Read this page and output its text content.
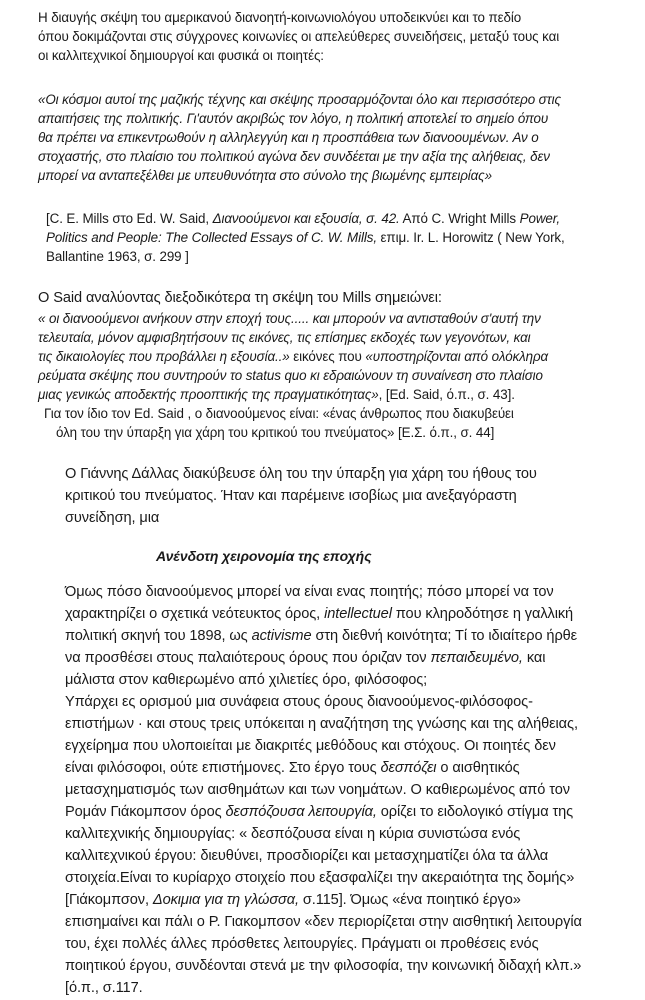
Η διαυγής σκέψη του αμερικανού διανοητή-κοινωνιολόγου υποδεικνύει και το πεδίο
όπου δοκιμάζονται στις σύγχρονες κοινωνίες οι απελεύθερες συνειδήσεις, μεταξύ τους και
οι καλλιτεχνικοί δημιουργοί και φυσικά οι ποιητές:
«Οι κόσμοι αυτοί της μαζικής τέχνης και σκέψης προσαρμόζονται όλο και περισσότερο στις
απαιτήσεις της πολιτικής. Γι'αυτόν ακριβώς τον λόγο, η πολιτική αποτελεί το σημείο όπου
θα πρέπει να επικεντρωθούν η αλληλεγγύη και η προσπάθεια των διανοουμένων. Αν ο
στοχαστής, στο πλαίσιο του πολιτικού αγώνα δεν συνδέεται με την αξία της αλήθειας, δεν
μπορεί να ανταπεξέλθει με υπευθυνότητα στο σύνολο της βιωμένης εμπειρίας»
[C. E. Mills στο Ed. W. Said, Διανοούμενοι και εξουσία, σ. 42. Από C. Wright Mills Power,
Politics and People: The Collected Essays of C. W. Mills, επιμ. Ir. L. Horowitz ( New York,
Ballantine 1963, σ. 299 ]
Ο Said αναλύοντας διεξοδικότερα τη σκέψη του Mills σημειώνει:
« οι διανοούμενοι ανήκουν στην εποχή τους..... και μπορούν να αντισταθούν σ'αυτή την
τελευταία, μόνον αμφισβητήσουν τις εικόνες, τις επίσημες εκδοχές των γεγονότων, και
τις δικαιολογίες που προβάλλει η εξουσία..» εικόνες που «υποστηρίζονται από ολόκληρα
ρεύματα σκέψης που συντηρούν το status quo κι εδραιώνουν τη συναίνεση στο πλαίσιο
μιας γενικώς αποδεκτής προοπτικής της πραγματικότητας», [Ed. Said, ό.π., σ. 43].
Για τον ίδιο τον Ed. Said , ο διανοούμενος είναι: «ένας άνθρωπος που διακυβεύει
όλη του την ύπαρξη για χάρη του κριτικού του πνεύματος» [Ε.Σ. ό.π., σ. 44]
Ο Γιάννης Δάλλας διακύβευσε όλη του την ύπαρξη για χάρη του ήθους του
κριτικού του πνεύματος. Ήταν και παρέμεινε ισοβίως μια ανεξαγόραστη
συνείδηση, μια
Ανένδοτη χειρονομία της εποχής
Όμως πόσο διανοούμενος μπορεί να είναι ενας ποιητής; πόσο μπορεί να τον
χαρακτηρίζει ο σχετικά νεότευκτος όρος, intellectuel που κληροδότησε η γαλλική
πολιτική σκηνή του 1898, ως activisme στη διεθνή κοινότητα; Τί το ιδιαίτερο ήρθε
να προσθέσει στους παλαιότερους όρους που όριζαν τον πεπαιδευμένο, και
μάλιστα στον καθιερωμένο από χιλιετίες όρο, φιλόσοφος;
Υπάρχει ες ορισμού μια συνάφεια στους όρους διανοούμενος-φιλόσοφος-
επιστήμων · και στους τρεις υπόκειται η αναζήτηση της γνώσης και της αλήθειας,
εγχείρημα που υλοποιείται με διακριτές μεθόδους και στόχους. Οι ποιητές δεν
είναι φιλόσοφοι, ούτε επιστήμονες. Στο έργο τους δεσπόζει ο αισθητικός
μετασχηματισμός των αισθημάτων και των νοημάτων. Ο καθιερωμένος από τον
Ρομάν Γιάκομπσον όρος δεσπόζουσα λειτουργία, ορίζει το ειδολογικό στίγμα της
καλλιτεχνικής δημιουργίας: « δεσπόζουσα είναι η κύρια συνιστώσα ενός
καλλιτεχνικού έργου: διευθύνει, προσδιορίζει και μετασχηματίζει όλα τα άλλα
στοιχεία.Είναι το κυρίαρχο στοιχείο που εξασφαλίζει την ακεραιότητα της δομής»
[Γιάκομπσον, Δοκιμια για τη γλώσσα, σ.115]. Όμως «ένα ποιητικό έργο»
επισημαίνει και πάλι ο Ρ. Γιακομπσον «δεν περιορίζεται στην αισθητική λειτουργία
του, έχει πολλές άλλες πρόσθετες λειτουργίες. Πράγματι οι προθέσεις ενός
ποιητικού έργου, συνδέονται στενά με την φιλοσοφία, την κοινωνική διδαχή κλπ.»
[ό.π., σ.117.
